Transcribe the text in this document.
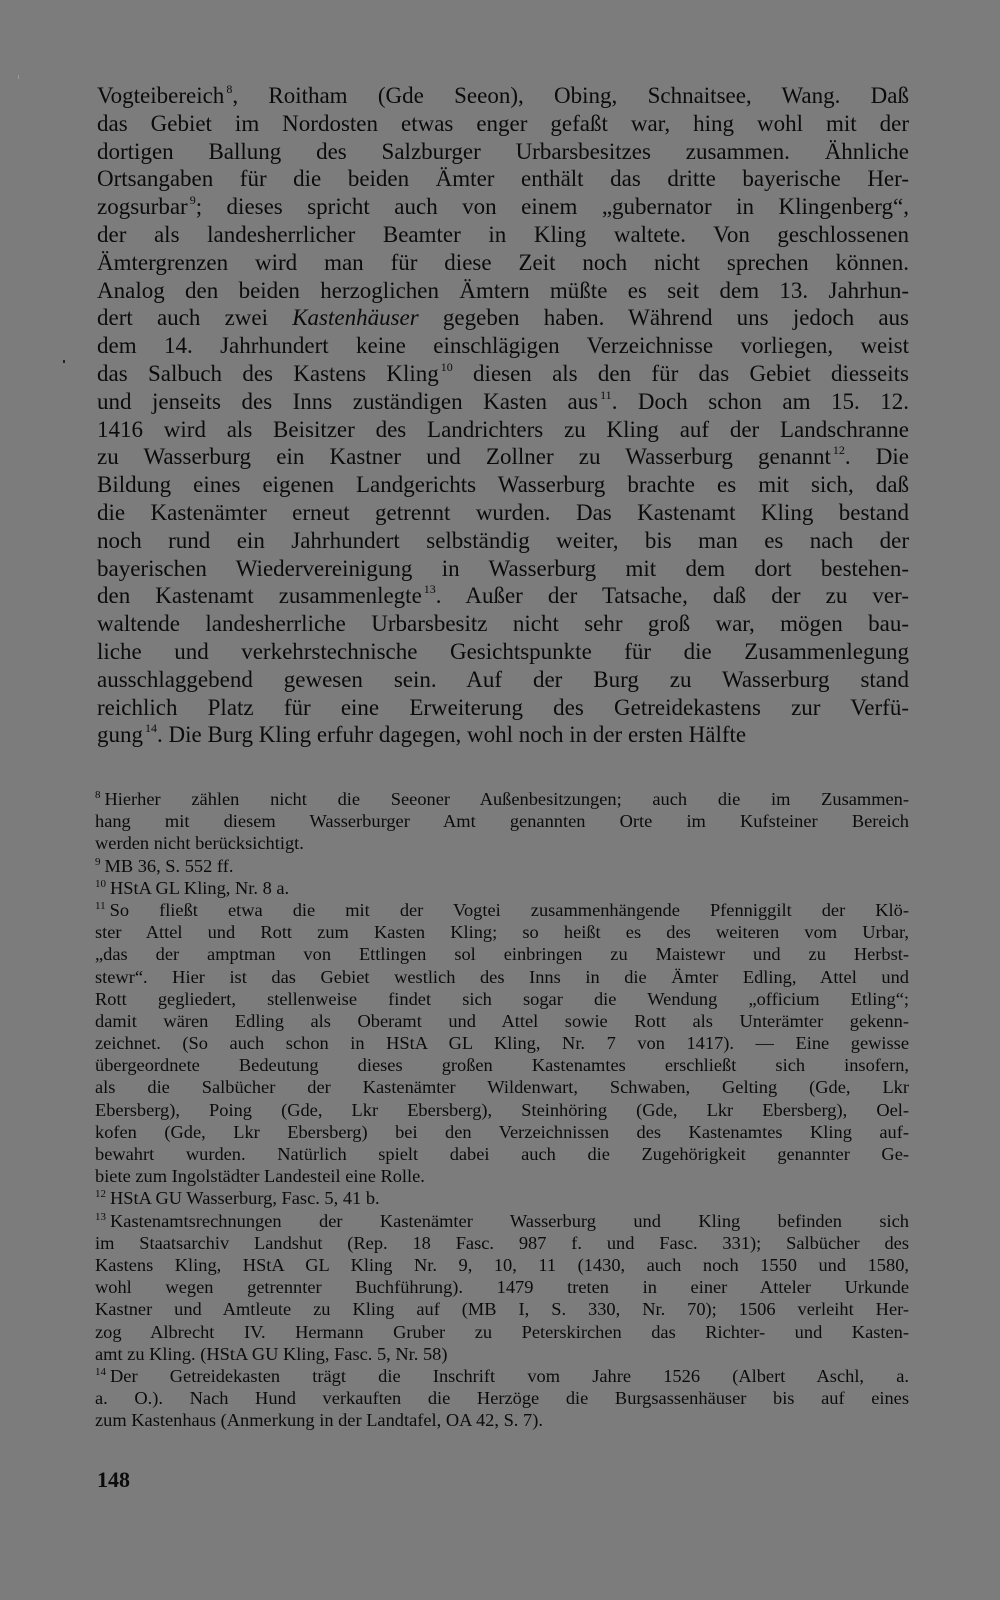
Vogteibereich $^8$, Roitham (Gde Seeon), Obing, Schnaitsee, Wang. Daß
das Gebiet im Nordosten etwas enger gefaßt war, hing wohl mit der
dortigen Ballung des Salzburger Urbarsbesitzes zusammen. Ähnliche
Ortsangaben für die beiden Ämter enthält das dritte bayerische Her-
zogsurbar $^9$; dieses spricht auch von einem „gubernator in Klingenberg“,
der als landesherrlicher Beamter in Kling waltete. Von geschlossenen
Ämtergrenzen wird man für diese Zeit noch nicht sprechen können.
Analog den beiden herzoglichen Ämtern müßte es seit dem 13. Jahrhun-
dert auch zwei Kastenhäuser gegeben haben. Während uns jedoch aus
dem 14. Jahrhundert keine einschlägigen Verzeichnisse vorliegen, weist
das Salbuch des Kastens Kling $^{10}$ diesen als den für das Gebiet diesseits
und jenseits des Inns zuständigen Kasten aus $^{11}$. Doch schon am 15. 12.
1416 wird als Beisitzer des Landrichters zu Kling auf der Landschranne
zu Wasserburg ein Kastner und Zollner zu Wasserburg genannt $^{12}$. Die
Bildung eines eigenen Landgerichts Wasserburg brachte es mit sich, daß
die Kastenämter erneut getrennt wurden. Das Kastenamt Kling bestand
noch rund ein Jahrhundert selbständig weiter, bis man es nach der
bayerischen Wiedervereinigung in Wasserburg mit dem dort bestehen-
den Kastenamt zusammenlegte $^{13}$. Außer der Tatsache, daß der zu ver-
waltende landesherrliche Urbarsbesitz nicht sehr groß war, mögen bau-
liche und verkehrstechnische Gesichtspunkte für die Zusammenlegung
ausschlaggebend gewesen sein. Auf der Burg zu Wasserburg stand
reichlich Platz für eine Erweiterung des Getreidekastens zur Verfü-
gung $^{14}$. Die Burg Kling erfuhr dagegen, wohl noch in der ersten Hälfte
$^8$ Hierher zählen nicht die Seeoner Außenbesitzungen; auch die im Zusammen-
hang mit diesem Wasserburger Amt genannten Orte im Kufsteiner Bereich
werden nicht berücksichtigt.
$^9$ MB 36, S. 552 ff.
$^{10}$ HStA GL Kling, Nr. 8 a.
$^{11}$ So fließt etwa die mit der Vogtei zusammenhängende Pfenniggilt der Klö-
ster Attel und Rott zum Kasten Kling; so heißt es des weiteren vom Urbar,
„das der amptman von Ettlingen sol einbringen zu Maistewr und zu Herbst-
stewr“. Hier ist das Gebiet westlich des Inns in die Ämter Edling, Attel und
Rott gegliedert, stellenweise findet sich sogar die Wendung „officium Etling“;
damit wären Edling als Oberamt und Attel sowie Rott als Unterämter gekenn-
zeichnet. (So auch schon in HStA GL Kling, Nr. 7 von 1417). — Eine gewisse
übergeordnete Bedeutung dieses großen Kastenamtes erschließt sich insofern,
als die Salbücher der Kastenämter Wildenwart, Schwaben, Gelting (Gde, Lkr
Ebersberg), Poing (Gde, Lkr Ebersberg), Steinhöring (Gde, Lkr Ebersberg), Oel-
kofen (Gde, Lkr Ebersberg) bei den Verzeichnissen des Kastenamtes Kling auf-
bewahrt wurden. Natürlich spielt dabei auch die Zugehörigkeit genannter Ge-
biete zum Ingolstädter Landesteil eine Rolle.
$^{12}$ HStA GU Wasserburg, Fasc. 5, 41 b.
$^{13}$ Kastenamtsrechnungen der Kastenämter Wasserburg und Kling befinden sich
im Staatsarchiv Landshut (Rep. 18 Fasc. 987 f. und Fasc. 331); Salbücher des
Kastens Kling, HStA GL Kling Nr. 9, 10, 11 (1430, auch noch 1550 und 1580,
wohl wegen getrennter Buchführung). 1479 treten in einer Atteler Urkunde
Kastner und Amtleute zu Kling auf (MB I, S. 330, Nr. 70); 1506 verleiht Her-
zog Albrecht IV. Hermann Gruber zu Peterskirchen das Richter- und Kasten-
amt zu Kling. (HStA GU Kling, Fasc. 5, Nr. 58)
$^{14}$ Der Getreidekasten trägt die Inschrift vom Jahre 1526 (Albert Aschl, a.
a. O.). Nach Hund verkauften die Herzöge die Burgsassenhäuser bis auf eines
zum Kastenhaus (Anmerkung in der Landtafel, OA 42, S. 7).
148
